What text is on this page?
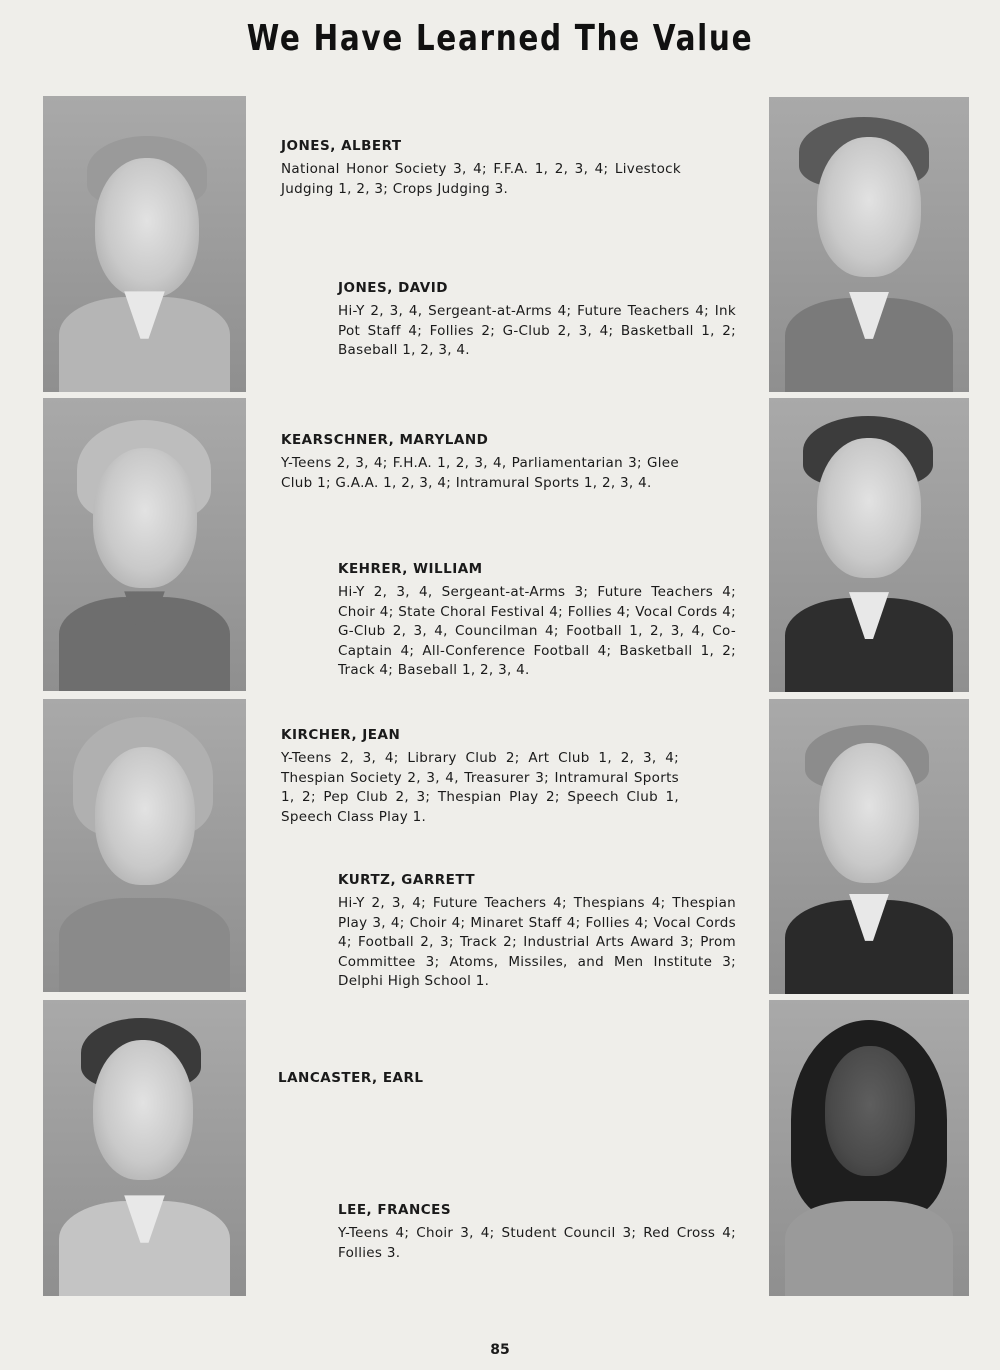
We Have Learned The Value
JONES, ALBERT
National Honor Society 3, 4; F.F.A. 1, 2, 3, 4; Livestock Judging 1, 2, 3; Crops Judging 3.
JONES, DAVID
Hi-Y 2, 3, 4, Sergeant-at-Arms 4; Future Teachers 4; Ink Pot Staff 4; Follies 2; G-Club 2, 3, 4; Basketball 1, 2; Baseball 1, 2, 3, 4.
KEARSCHNER, MARYLAND
Y-Teens 2, 3, 4; F.H.A. 1, 2, 3, 4, Parliamentarian 3; Glee Club 1; G.A.A. 1, 2, 3, 4; Intramural Sports 1, 2, 3, 4.
KEHRER, WILLIAM
Hi-Y 2, 3, 4, Sergeant-at-Arms 3; Future Teachers 4; Choir 4; State Choral Festival 4; Follies 4; Vocal Cords 4; G-Club 2, 3, 4, Councilman 4; Football 1, 2, 3, 4, Co-Captain 4; All-Conference Football 4; Basketball 1, 2; Track 4; Baseball 1, 2, 3, 4.
KIRCHER, JEAN
Y-Teens 2, 3, 4; Library Club 2; Art Club 1, 2, 3, 4; Thespian Society 2, 3, 4, Treasurer 3; Intramural Sports 1, 2; Pep Club 2, 3; Thespian Play 2; Speech Club 1, Speech Class Play 1.
KURTZ, GARRETT
Hi-Y 2, 3, 4; Future Teachers 4; Thespians 4; Thespian Play 3, 4; Choir 4; Minaret Staff 4; Follies 4; Vocal Cords 4; Football 2, 3; Track 2; Industrial Arts Award 3; Prom Committee 3; Atoms, Missiles, and Men Institute 3; Delphi High School 1.
LANCASTER, EARL
LEE, FRANCES
Y-Teens 4; Choir 3, 4; Student Council 3; Red Cross 4; Follies 3.
85
